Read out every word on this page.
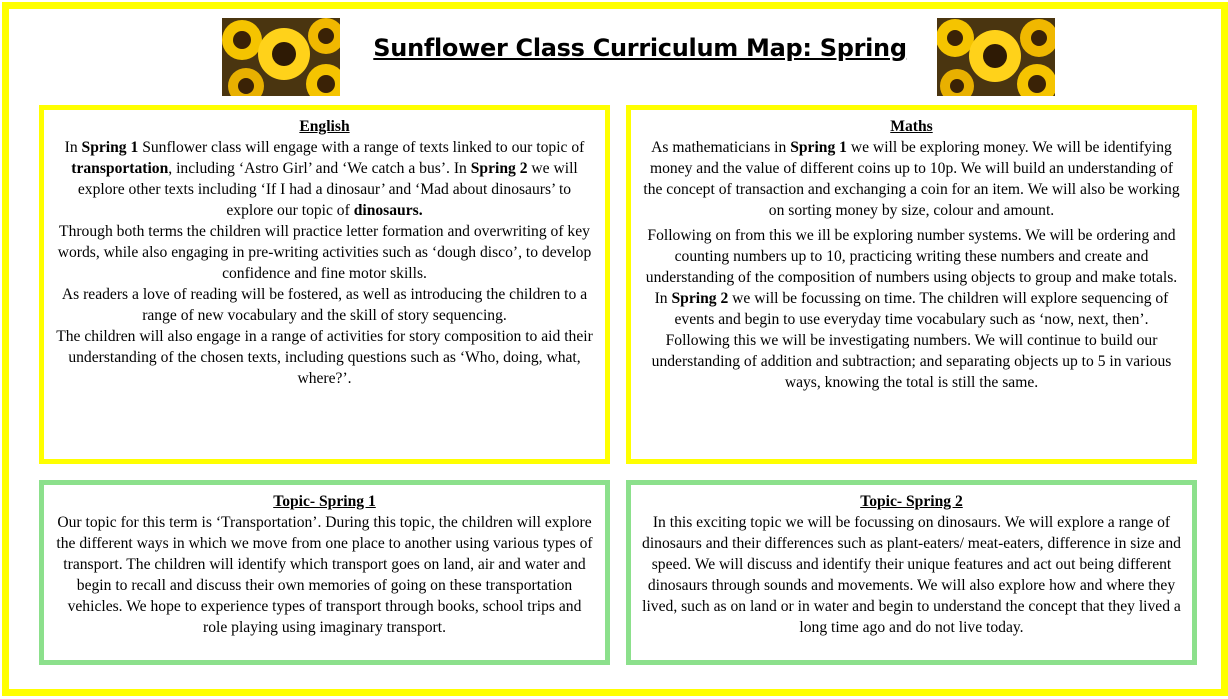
Sunflower Class Curriculum Map: Spring
English

In Spring 1 Sunflower class will engage with a range of texts linked to our topic of transportation, including ‘Astro Girl’ and ‘We catch a bus’. In Spring 2 we will explore other texts including ‘If I had a dinosaur’ and ‘Mad about dinosaurs’ to explore our topic of dinosaurs.

Through both terms the children will practice letter formation and overwriting of key words, while also engaging in pre-writing activities such as ‘dough disco’, to develop confidence and fine motor skills.

As readers a love of reading will be fostered, as well as introducing the children to a range of new vocabulary and the skill of story sequencing.

The children will also engage in a range of activities for story composition to aid their understanding of the chosen texts, including questions such as ‘Who, doing, what, where?’.

Maths

As mathematicians in Spring 1 we will be exploring money. We will be identifying money and the value of different coins up to 10p. We will build an understanding of the concept of transaction and exchanging a coin for an item. We will also be working on sorting money by size, colour and amount.

Following on from this we ill be exploring number systems. We will be ordering and counting numbers up to 10, practicing writing these numbers and create and understanding of the composition of numbers using objects to group and make totals.

In Spring 2 we will be focussing on time. The children will explore sequencing of events and begin to use everyday time vocabulary such as ‘now, next, then’.

Following this we will be investigating numbers. We will continue to build our understanding of addition and subtraction; and separating objects up to 5 in various ways, knowing the total is still the same.

Topic- Spring 1

Our topic for this term is ‘Transportation’. During this topic, the children will explore the different ways in which we move from one place to another using various types of transport. The children will identify which transport goes on land, air and water and begin to recall and discuss their own memories of going on these transportation vehicles. We hope to experience types of transport through books, school trips and role playing using imaginary transport.

Topic- Spring 2

In this exciting topic we will be focussing on dinosaurs. We will explore a range of dinosaurs and their differences such as plant-eaters/ meat-eaters, difference in size and speed. We will discuss and identify their unique features and act out being different dinosaurs through sounds and movements. We will also explore how and where they lived, such as on land or in water and begin to understand the concept that they lived a long time ago and do not live today.
